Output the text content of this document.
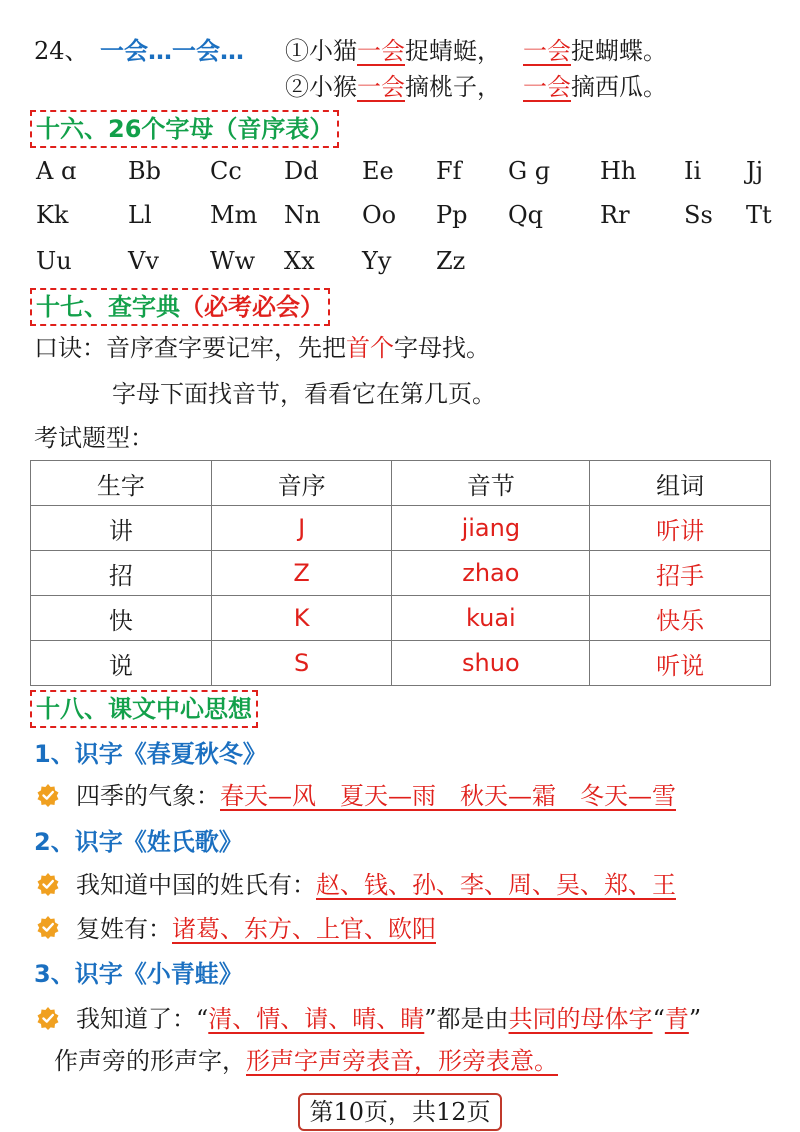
24、 一会…一会… ①小猫一会捉蜻蜓， 一会捉蝴蝶。
②小猴一会摘桃子， 一会摘西瓜。
十六、26个字母（音序表）
A ɑ	Bb	Cc	Dd	Ee	Ff	G ɡ	Hh	Ii	Jj
Kk	Ll	Mm	Nn	Oo	Pp	Qq	Rr	Ss	Tt
Uu	Vv	Ww	Xx	Yy	Zz
十七、查字典（必考必会）
口诀：音序查字要记牢，先把首个字母找。
字母下面找音节，看看它在第几页。
考试题型：
生字	音序	音节	组词
讲	J	jiang	听讲
招	Z	zhao	招手
快	K	kuai	快乐
说	S	shuo	听说
十八、课文中心思想
1、识字《春夏秋冬》
四季的气象：春天—风　夏天—雨　秋天—霜　冬天—雪
2、识字《姓氏歌》
我知道中国的姓氏有：赵、钱、孙、李、周、吴、郑、王
复姓有：诸葛、东方、上官、欧阳
3、识字《小青蛙》
我知道了：“清、情、请、晴、睛”都是由共同的母体字“青”
作声旁的形声字，形声字声旁表音，形旁表意。
第10页，共12页
